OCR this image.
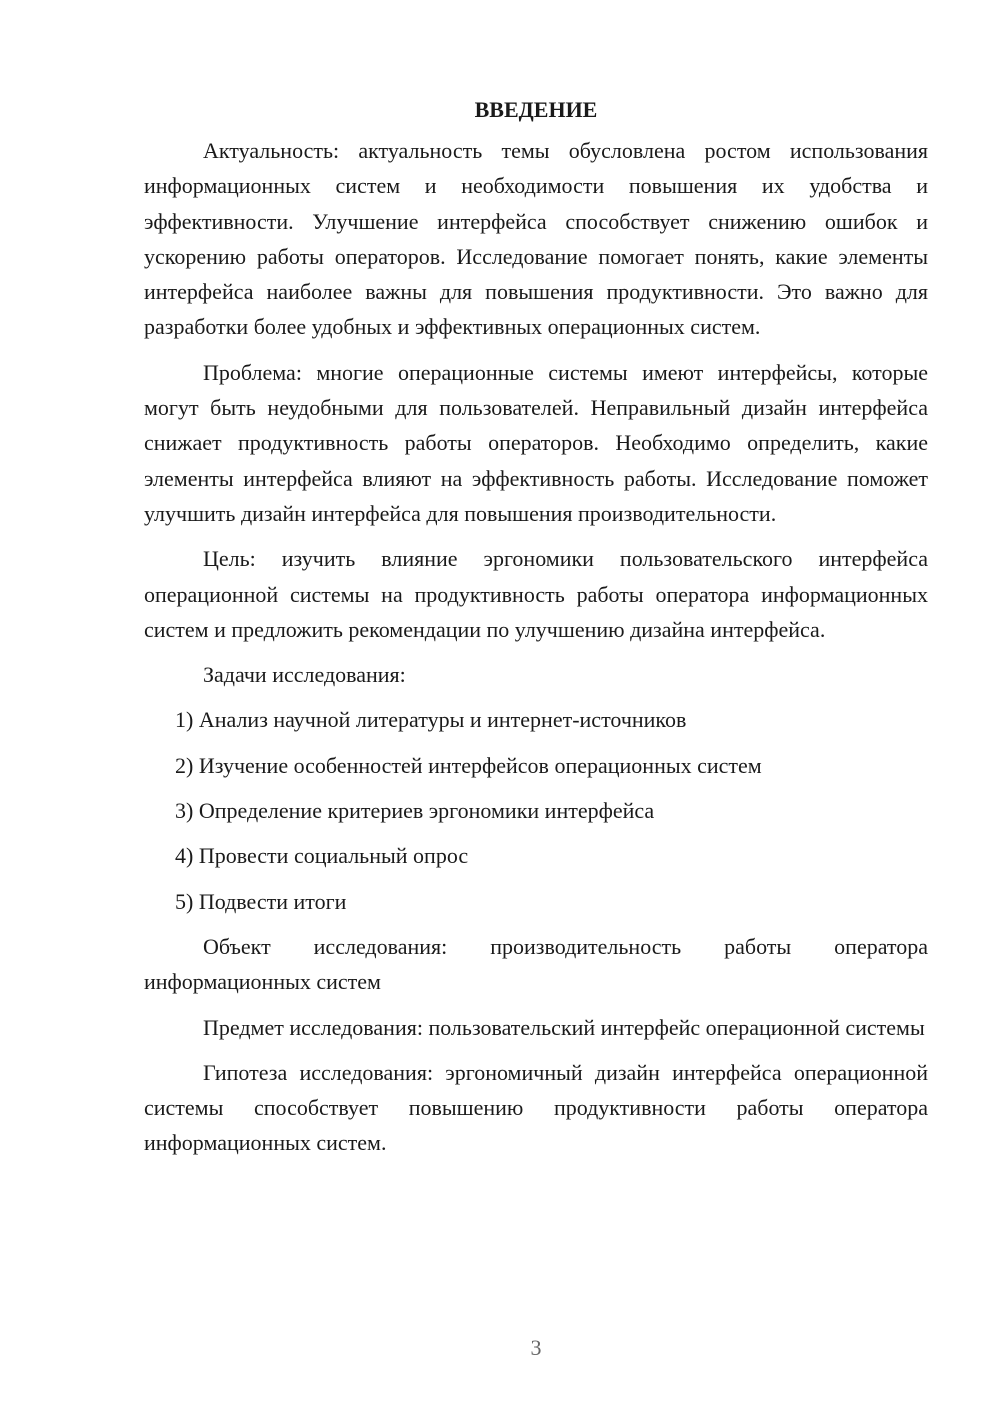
ВВЕДЕНИЕ

Актуальность: актуальность темы обусловлена ростом использования информационных систем и необходимости повышения их удобства и эффективности. Улучшение интерфейса способствует снижению ошибок и ускорению работы операторов. Исследование помогает понять, какие элементы интерфейса наиболее важны для повышения продуктивности. Это важно для разработки более удобных и эффективных операционных систем.

Проблема: многие операционные системы имеют интерфейсы, которые могут быть неудобными для пользователей. Неправильный дизайн интерфейса снижает продуктивность работы операторов. Необходимо определить, какие элементы интерфейса влияют на эффективность работы. Исследование поможет улучшить дизайн интерфейса для повышения производительности.

Цель: изучить влияние эргономики пользовательского интерфейса операционной системы на продуктивность работы оператора информационных систем и предложить рекомендации по улучшению дизайна интерфейса.

Задачи исследования:

1) Анализ научной литературы и интернет-источников
2) Изучение особенностей интерфейсов операционных систем
3) Определение критериев эргономики интерфейса
4) Провести социальный опрос
5) Подвести итоги

Объект исследования: производительность работы оператора информационных систем

Предмет исследования: пользовательский интерфейс операционной системы

Гипотеза исследования: эргономичный дизайн интерфейса операционной системы способствует повышению продуктивности работы оператора информационных систем.

3
